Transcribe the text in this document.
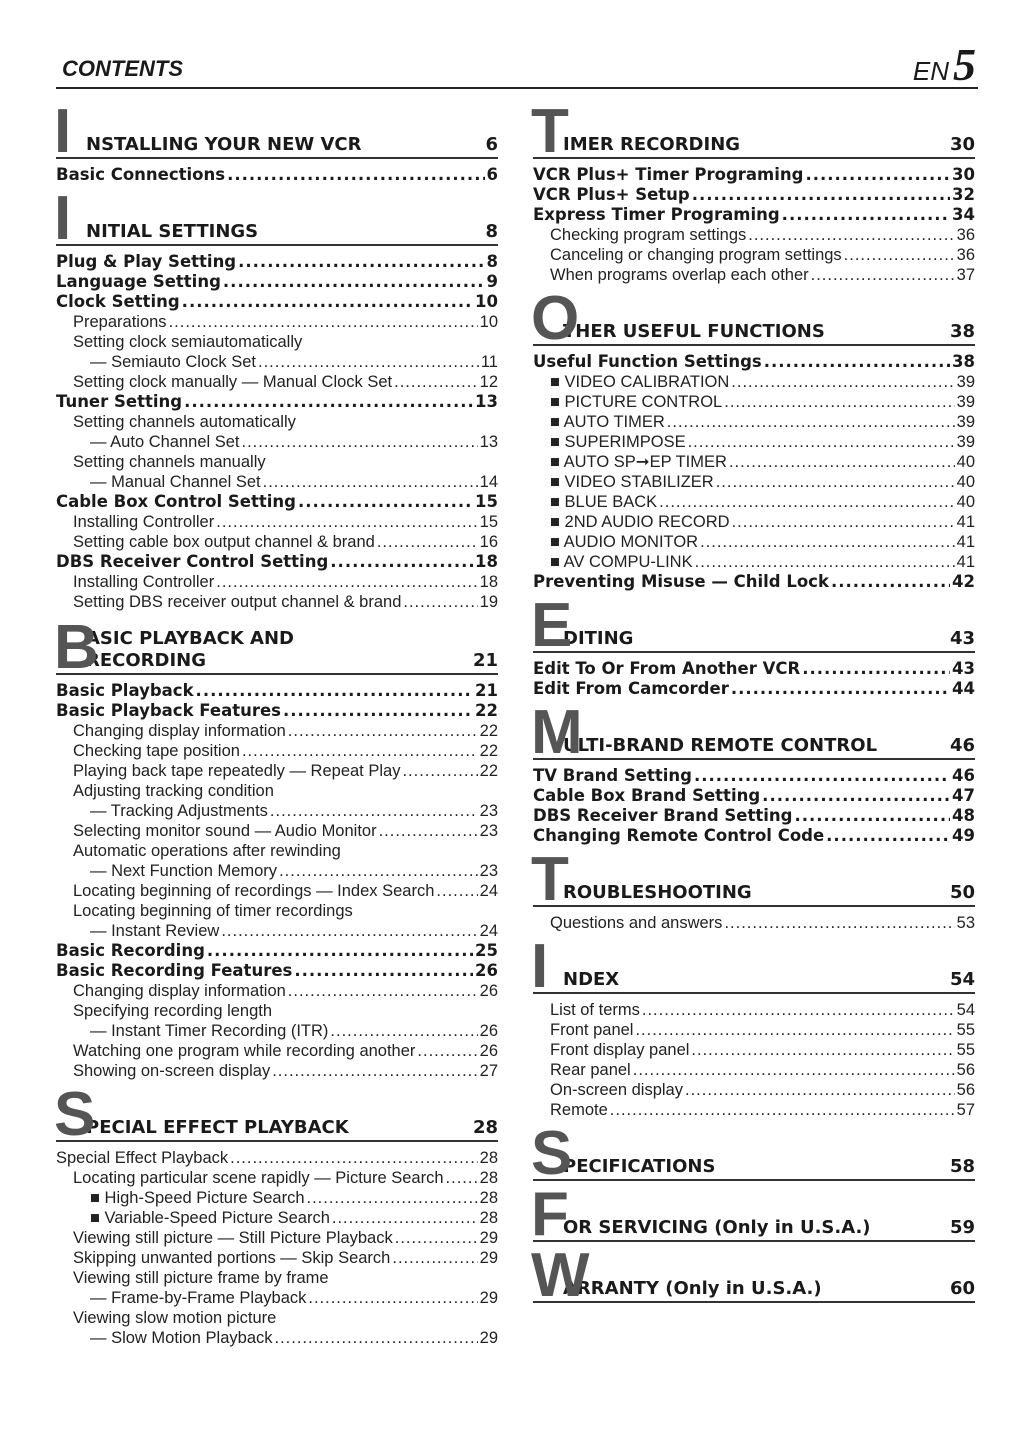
CONTENTS	EN5
I NSTALLING YOUR NEW VCR	6
Basic Connections .....	6
I NITIAL SETTINGS	8
Plug & Play Setting .....	8
Language Setting .....	9
Clock Setting .....	10
Preparations .....	10
Setting clock semiautomatically
— Semiauto Clock Set .....	11
Setting clock manually — Manual Clock Set .....	12
Tuner Setting .....	13
Setting channels automatically
— Auto Channel Set .....	13
Setting channels manually
— Manual Channel Set .....	14
Cable Box Control Setting .....	15
Installing Controller .....	15
Setting cable box output channel & brand .....	16
DBS Receiver Control Setting .....	18
Installing Controller .....	18
Setting DBS receiver output channel & brand .....	19
B
ASIC PLAYBACK AND
RECORDING	21
Basic Playback .....	21
Basic Playback Features .....	22
Changing display information .....	22
Checking tape position .....	22
Playing back tape repeatedly — Repeat Play .....	22
Adjusting tracking condition
— Tracking Adjustments .....	23
Selecting monitor sound — Audio Monitor .....	23
Automatic operations after rewinding
— Next Function Memory .....	23
Locating beginning of recordings — Index Search .....	24
Locating beginning of timer recordings
— Instant Review .....	24
Basic Recording .....	25
Basic Recording Features .....	26
Changing display information .....	26
Specifying recording length
— Instant Timer Recording (ITR) .....	26
Watching one program while recording another .....	26
Showing on-screen display .....	27
S
PECIAL EFFECT PLAYBACK	28
Special Effect Playback .....	28
Locating particular scene rapidly — Picture Search ..... 28
■ High-Speed Picture Search .....	28
■ Variable-Speed Picture Search .....	28
Viewing still picture — Still Picture Playback .....	29
Skipping unwanted portions — Skip Search .....	29
Viewing still picture frame by frame
— Frame-by-Frame Playback .....	29
Viewing slow motion picture
— Slow Motion Playback .....	29
T
IMER RECORDING	30
VCR Plus+ Timer Programing .....	30
VCR Plus+ Setup .....	32
Express Timer Programing .....	34
Checking program settings .....	36
Canceling or changing program settings .....	36
When programs overlap each other .....	37
O
THER USEFUL FUNCTIONS	38
Useful Function Settings .....	38
■ VIDEO CALIBRATION .....	39
■ PICTURE CONTROL .....	39
■ AUTO TIMER .....	39
■ SUPERIMPOSE .....	39
■ AUTO SP➞EP TIMER .....	40
■ VIDEO STABILIZER .....	40
■ BLUE BACK .....	40
■ 2ND AUDIO RECORD .....	41
■ AUDIO MONITOR .....	41
■ AV COMPU-LINK .....	41
Preventing Misuse — Child Lock .....	42
E
DITING	43
Edit To Or From Another VCR .....	43
Edit From Camcorder .....	44
M
ULTI-BRAND REMOTE CONTROL	46
TV Brand Setting .....	46
Cable Box Brand Setting .....	47
DBS Receiver Brand Setting .....	48
Changing Remote Control Code .....	49
T
ROUBLESHOOTING	50
Questions and answers .....	53
I NDEX	54
List of terms .....	54
Front panel .....	55
Front display panel .....	55
Rear panel .....	56
On-screen display .....	56
Remote .....	57
S
PECIFICATIONS	58
F
OR SERVICING (Only in U.S.A.)	59
W
ARRANTY (Only in U.S.A.)	60
